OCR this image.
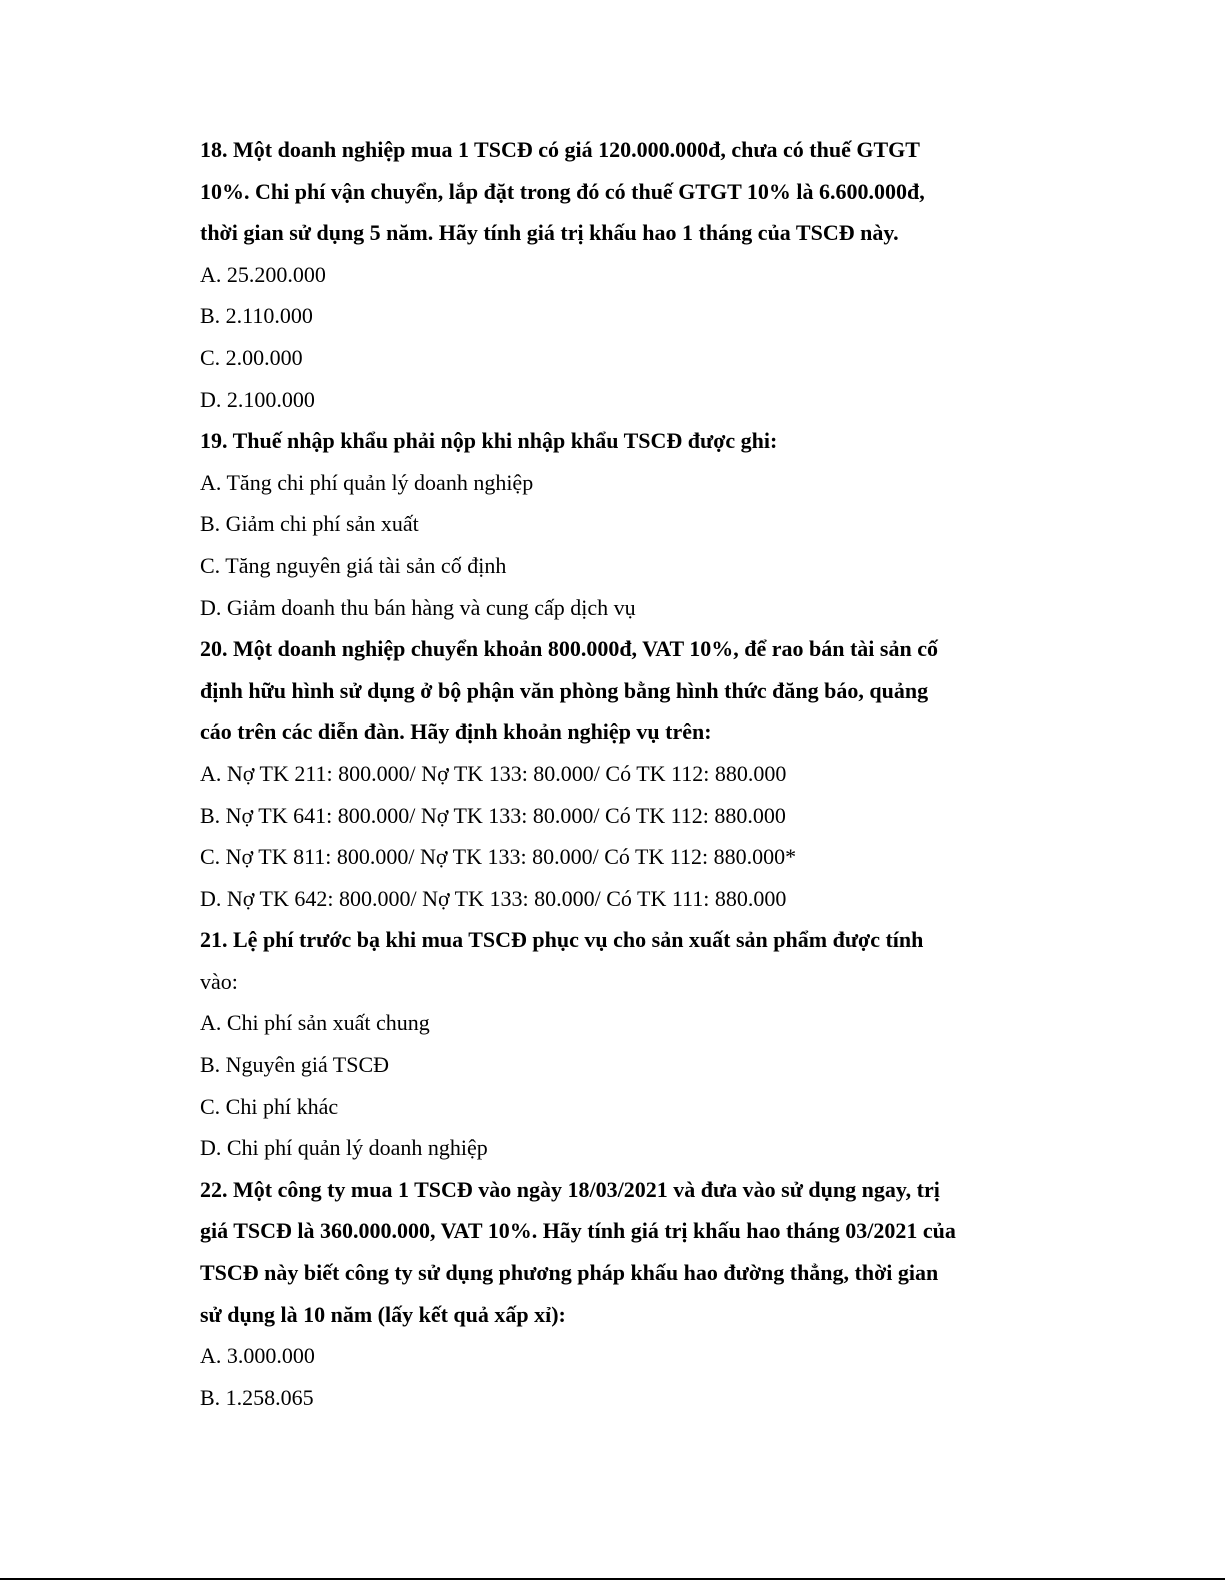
18. Một doanh nghiệp mua 1 TSCĐ có giá 120.000.000đ, chưa có thuế GTGT
10%. Chi phí vận chuyển, lắp đặt trong đó có thuế GTGT 10% là 6.600.000đ,
thời gian sử dụng 5 năm. Hãy tính giá trị khấu hao 1 tháng của TSCĐ này.
A. 25.200.000
B. 2.110.000
C. 2.00.000
D. 2.100.000
19. Thuế nhập khẩu phải nộp khi nhập khẩu TSCĐ được ghi:
A. Tăng chi phí quản lý doanh nghiệp
B. Giảm chi phí sản xuất
C. Tăng nguyên giá tài sản cố định
D. Giảm doanh thu bán hàng và cung cấp dịch vụ
20. Một doanh nghiệp chuyển khoản 800.000đ, VAT 10%, để rao bán tài sản cố
định hữu hình sử dụng ở bộ phận văn phòng bằng hình thức đăng báo, quảng
cáo trên các diễn đàn. Hãy định khoản nghiệp vụ trên:
A. Nợ TK 211: 800.000/ Nợ TK 133: 80.000/ Có TK 112: 880.000
B. Nợ TK 641: 800.000/ Nợ TK 133: 80.000/ Có TK 112: 880.000
C. Nợ TK 811: 800.000/ Nợ TK 133: 80.000/ Có TK 112: 880.000*
D. Nợ TK 642: 800.000/ Nợ TK 133: 80.000/ Có TK 111: 880.000
21. Lệ phí trước bạ khi mua TSCĐ phục vụ cho sản xuất sản phẩm được tính
vào:
A. Chi phí sản xuất chung
B. Nguyên giá TSCĐ
C. Chi phí khác
D. Chi phí quản lý doanh nghiệp
22. Một công ty mua 1 TSCĐ vào ngày 18/03/2021 và đưa vào sử dụng ngay, trị
giá TSCĐ là 360.000.000, VAT 10%. Hãy tính giá trị khấu hao tháng 03/2021 của
TSCĐ này biết công ty sử dụng phương pháp khấu hao đường thẳng, thời gian
sử dụng là 10 năm (lấy kết quả xấp xỉ):
A. 3.000.000
B. 1.258.065
